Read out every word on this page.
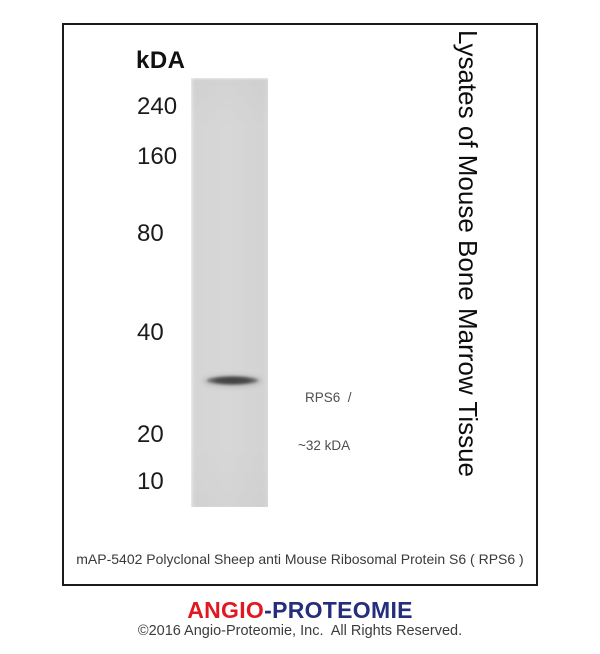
kDA
240
160
80
40
20
10

RPS6  /

~32 kDA

	Lysates of Mouse Bone Marrow Tissue
mAP-5402 Polyclonal Sheep anti Mouse Ribosomal Protein S6 ( RPS6 )
ANGIO-PROTEOMIE
©2016 Angio-Proteomie, Inc.  All Rights Reserved.
